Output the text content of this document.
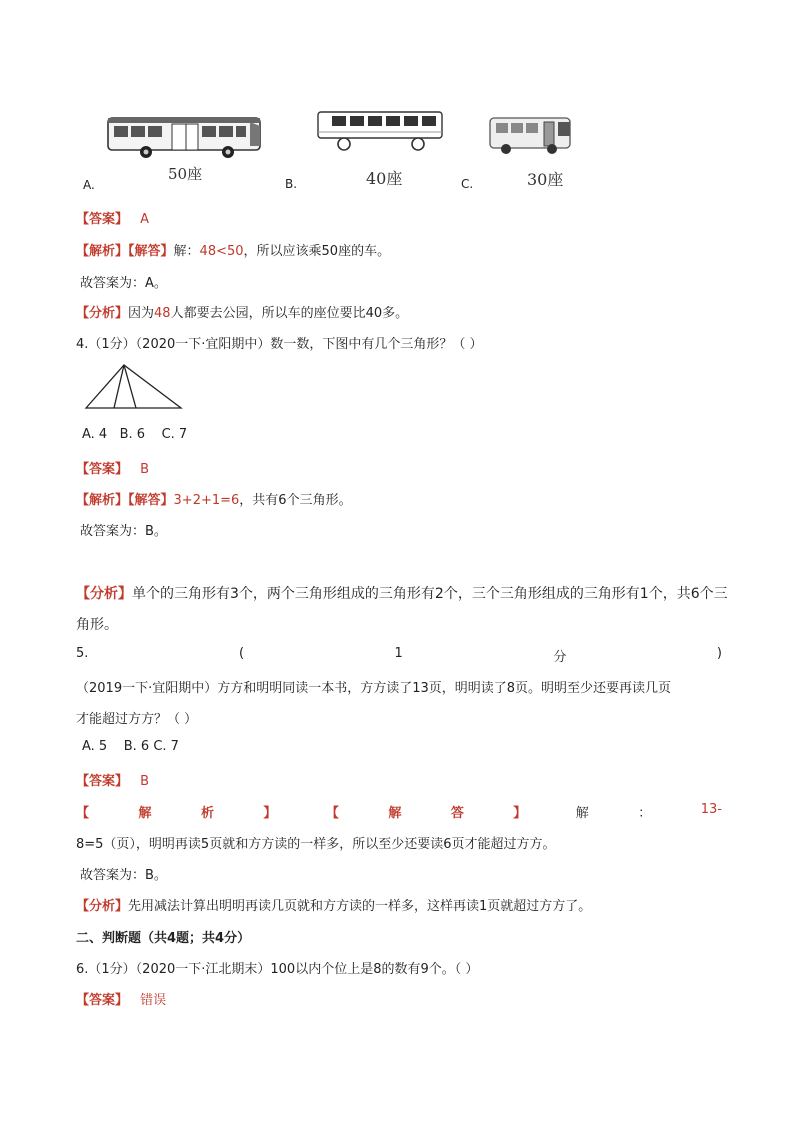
50座
A.	40座
B.	30座
C.
【答案】 A
【解析】【解答】解：48<50，所以应该乘50座的车。
故答案为：A。
【分析】因为48人都要去公园，所以车的座位要比40多。
4.（1分）（2020一下·宜阳期中）数一数，下图中有几个三角形？（ ）
A. 4   B. 6    C. 7
【答案】 B
【解析】【解答】3+2+1=6，共有6个三角形。
故答案为：B。
【分析】单个的三角形有3个，两个三角形组成的三角形有2个，三个三角形组成的三角形有1个，共6个三
角形。
5.	(	1	分	)
（2019一下·宜阳期中）方方和明明同读一本书，方方读了13页，明明读了8页。明明至少还要再读几页
才能超过方方？（ ）
A. 5    B. 6 C. 7
【答案】 B
【	解	析	】	【	解	答	】	解	：	13-
8=5（页），明明再读5页就和方方读的一样多，所以至少还要读6页才能超过方方。
故答案为：B。
【分析】先用减法计算出明明再读几页就和方方读的一样多，这样再读1页就超过方方了。
二、判断题（共4题；共4分）
6.（1分）（2020一下·江北期末）100以内个位上是8的数有9个。（ ）
【答案】 错误
